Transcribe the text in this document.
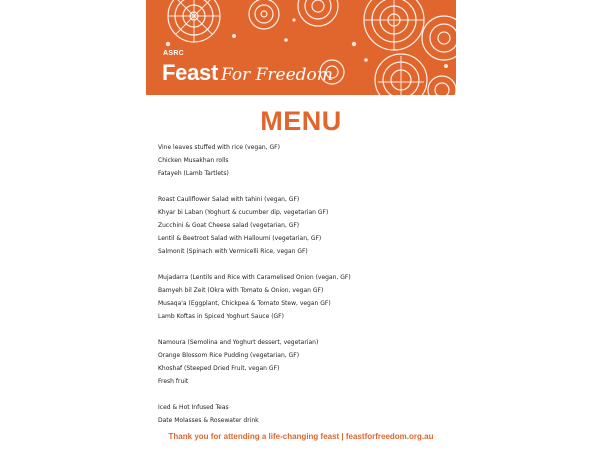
ASRC
Feast For Freedom
MENU
Vine leaves stuffed with rice (vegan, GF)
Chicken Musakhan rolls
Fatayeh (Lamb Tartlets)
Roast Cauliflower Salad with tahini (vegan, GF)
Khyar bi Laban (Yoghurt & cucumber dip, vegetarian GF)
Zucchini & Goat Cheese salad (vegetarian, GF)
Lentil & Beetroot Salad with Halloumi (vegetarian, GF)
Salmonit (Spinach with Vermicelli Rice, vegan GF)
Mujadarra (Lentils and Rice with Caramelised Onion (vegan, GF)
Bamyeh bil Zeit (Okra with Tomato & Onion, vegan GF)
Musaqa'a (Eggplant, Chickpea & Tomato Stew, vegan GF)
Lamb Koftas in Spiced Yoghurt Sauce (GF)
Namoura (Semolina and Yoghurt dessert, vegetarian)
Orange Blossom Rice Pudding (vegetarian, GF)
Khoshaf (Steeped Dried Fruit, vegan GF)
Fresh fruit
Iced & Hot Infused Teas
Date Molasses & Rosewater drink
Thank you for attending a life-changing feast | feastforfreedom.org.au
